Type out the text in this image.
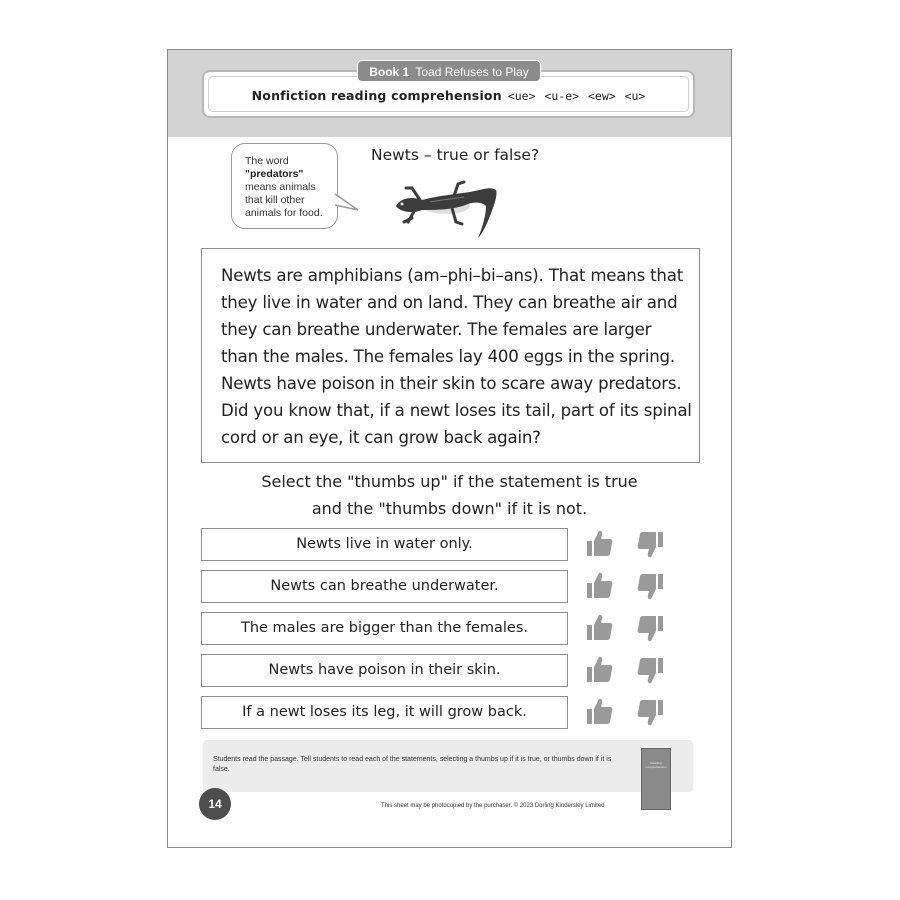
Nonfiction reading comprehension <ue> <u-e> <ew> <u>
Book 1 Toad Refuses to Play
The word
"predators"
means animals
that kill other
animals for food.
Newts – true or false?
Newts are amphibians (am–phi–bi–ans). That means that
they live in water and on land. They can breathe air and
they can breathe underwater. The females are larger
than the males. The females lay 400 eggs in the spring.
Newts have poison in their skin to scare away predators.
Did you know that, if a newt loses its tail, part of its spinal
cord or an eye, it can grow back again?
Select the "thumbs up" if the statement is true
and the "thumbs down" if it is not.
Newts live in water only.
Newts can breathe underwater.
The males are bigger than the females.
Newts have poison in their skin.
If a newt loses its leg, it will grow back.
Students read the passage. Tell students to read each of the statements, selecting a thumbs up if it is true, or thumbs down if it is false.
Reading Comprehension
14	This sheet may be photocopied by the purchaser. © 2023 Dorling Kindersley Limited
